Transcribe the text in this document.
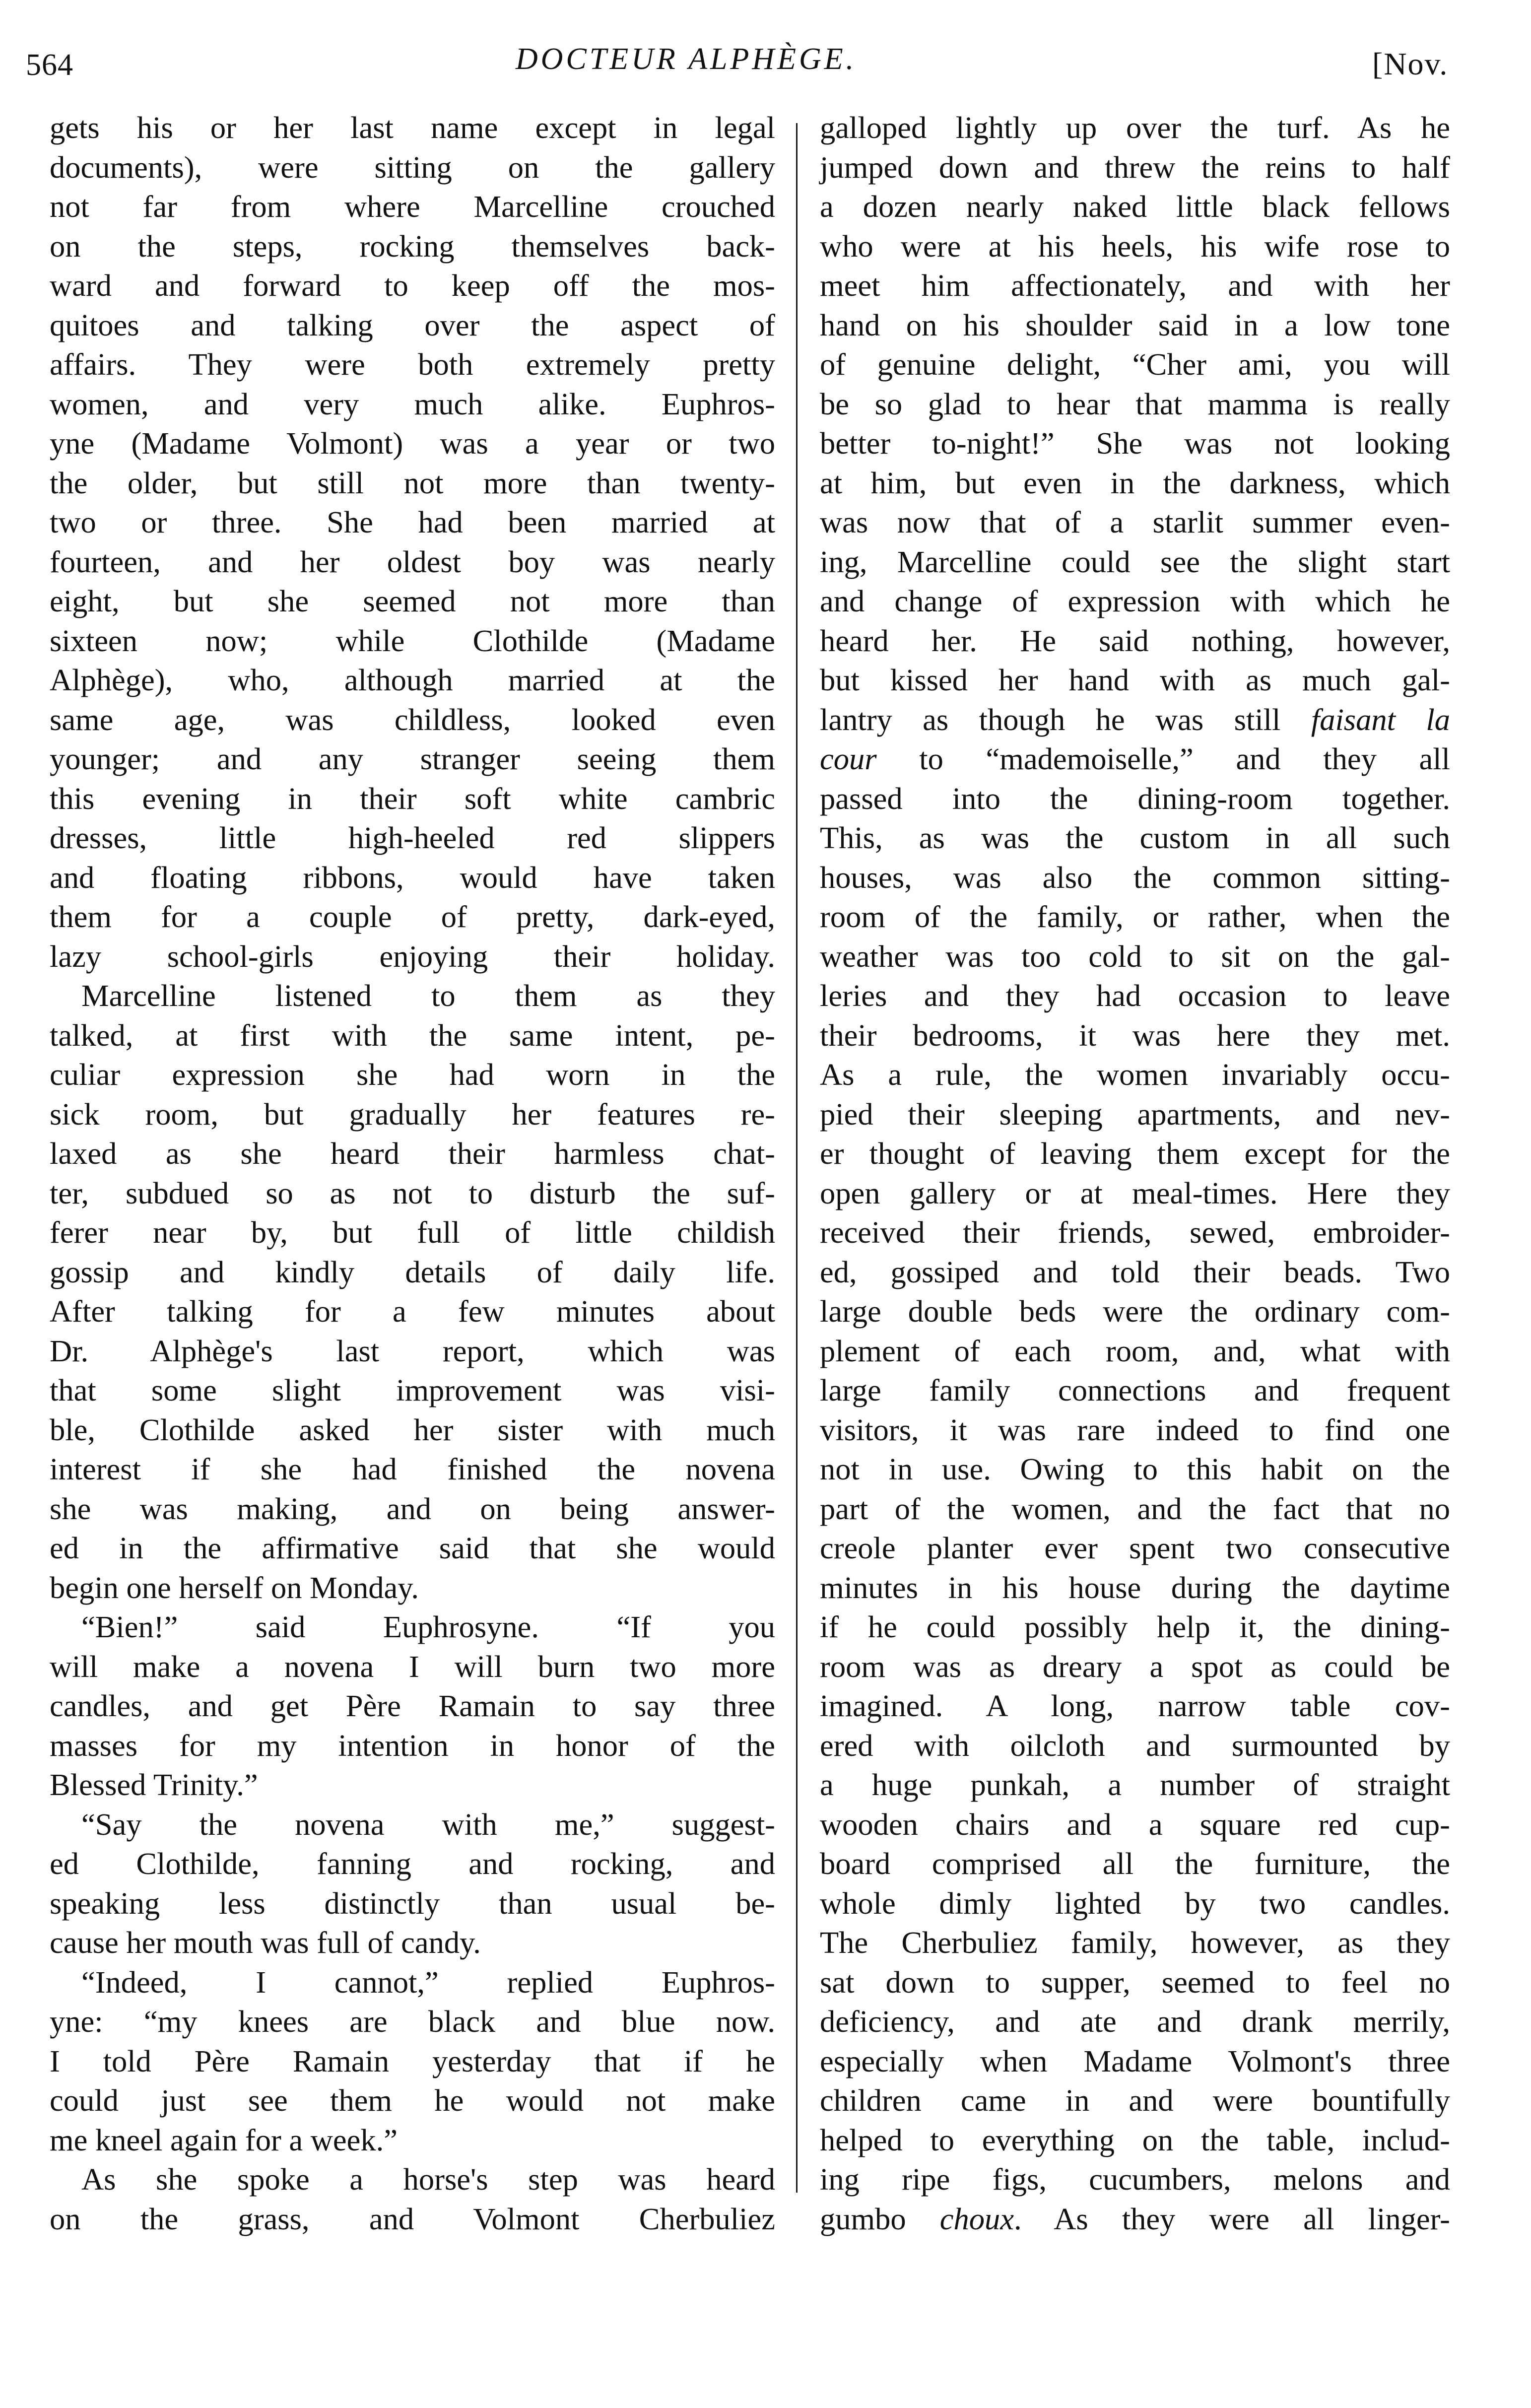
564	DOCTEUR ALPHÈGE.	[Nov.
gets his or her last name except in legal
documents), were sitting on the gallery
not far from where Marcelline crouched
on the steps, rocking themselves back-
ward and forward to keep off the mos-
quitoes and talking over the aspect of
affairs. They were both extremely pretty
women, and very much alike. Euphros-
yne (Madame Volmont) was a year or two
the older, but still not more than twenty-
two or three. She had been married at
fourteen, and her oldest boy was nearly
eight, but she seemed not more than
sixteen now; while Clothilde (Madame
Alphège), who, although married at the
same age, was childless, looked even
younger; and any stranger seeing them
this evening in their soft white cambric
dresses, little high-heeled red slippers
and floating ribbons, would have taken
them for a couple of pretty, dark-eyed,
lazy school-girls enjoying their holiday.
Marcelline listened to them as they
talked, at first with the same intent, pe-
culiar expression she had worn in the
sick room, but gradually her features re-
laxed as she heard their harmless chat-
ter, subdued so as not to disturb the suf-
ferer near by, but full of little childish
gossip and kindly details of daily life.
After talking for a few minutes about
Dr. Alphège's last report, which was
that some slight improvement was visi-
ble, Clothilde asked her sister with much
interest if she had finished the novena
she was making, and on being answer-
ed in the affirmative said that she would
begin one herself on Monday.
“Bien!” said Euphrosyne. “If you
will make a novena I will burn two more
candles, and get Père Ramain to say three
masses for my intention in honor of the
Blessed Trinity.”
“Say the novena with me,” suggest-
ed Clothilde, fanning and rocking, and
speaking less distinctly than usual be-
cause her mouth was full of candy.
“Indeed, I cannot,” replied Euphros-
yne: “my knees are black and blue now.
I told Père Ramain yesterday that if he
could just see them he would not make
me kneel again for a week.”
As she spoke a horse's step was heard
on the grass, and Volmont Cherbuliez
galloped lightly up over the turf. As he
jumped down and threw the reins to half
a dozen nearly naked little black fellows
who were at his heels, his wife rose to
meet him affectionately, and with her
hand on his shoulder said in a low tone
of genuine delight, “Cher ami, you will
be so glad to hear that mamma is really
better to-night!” She was not looking
at him, but even in the darkness, which
was now that of a starlit summer even-
ing, Marcelline could see the slight start
and change of expression with which he
heard her. He said nothing, however,
but kissed her hand with as much gal-
lantry as though he was still faisant la
cour to “mademoiselle,” and they all
passed into the dining-room together.
This, as was the custom in all such
houses, was also the common sitting-
room of the family, or rather, when the
weather was too cold to sit on the gal-
leries and they had occasion to leave
their bedrooms, it was here they met.
As a rule, the women invariably occu-
pied their sleeping apartments, and nev-
er thought of leaving them except for the
open gallery or at meal-times. Here they
received their friends, sewed, embroider-
ed, gossiped and told their beads. Two
large double beds were the ordinary com-
plement of each room, and, what with
large family connections and frequent
visitors, it was rare indeed to find one
not in use. Owing to this habit on the
part of the women, and the fact that no
creole planter ever spent two consecutive
minutes in his house during the daytime
if he could possibly help it, the dining-
room was as dreary a spot as could be
imagined. A long, narrow table cov-
ered with oilcloth and surmounted by
a huge punkah, a number of straight
wooden chairs and a square red cup-
board comprised all the furniture, the
whole dimly lighted by two candles.
The Cherbuliez family, however, as they
sat down to supper, seemed to feel no
deficiency, and ate and drank merrily,
especially when Madame Volmont's three
children came in and were bountifully
helped to everything on the table, includ-
ing ripe figs, cucumbers, melons and
gumbo choux. As they were all linger-
